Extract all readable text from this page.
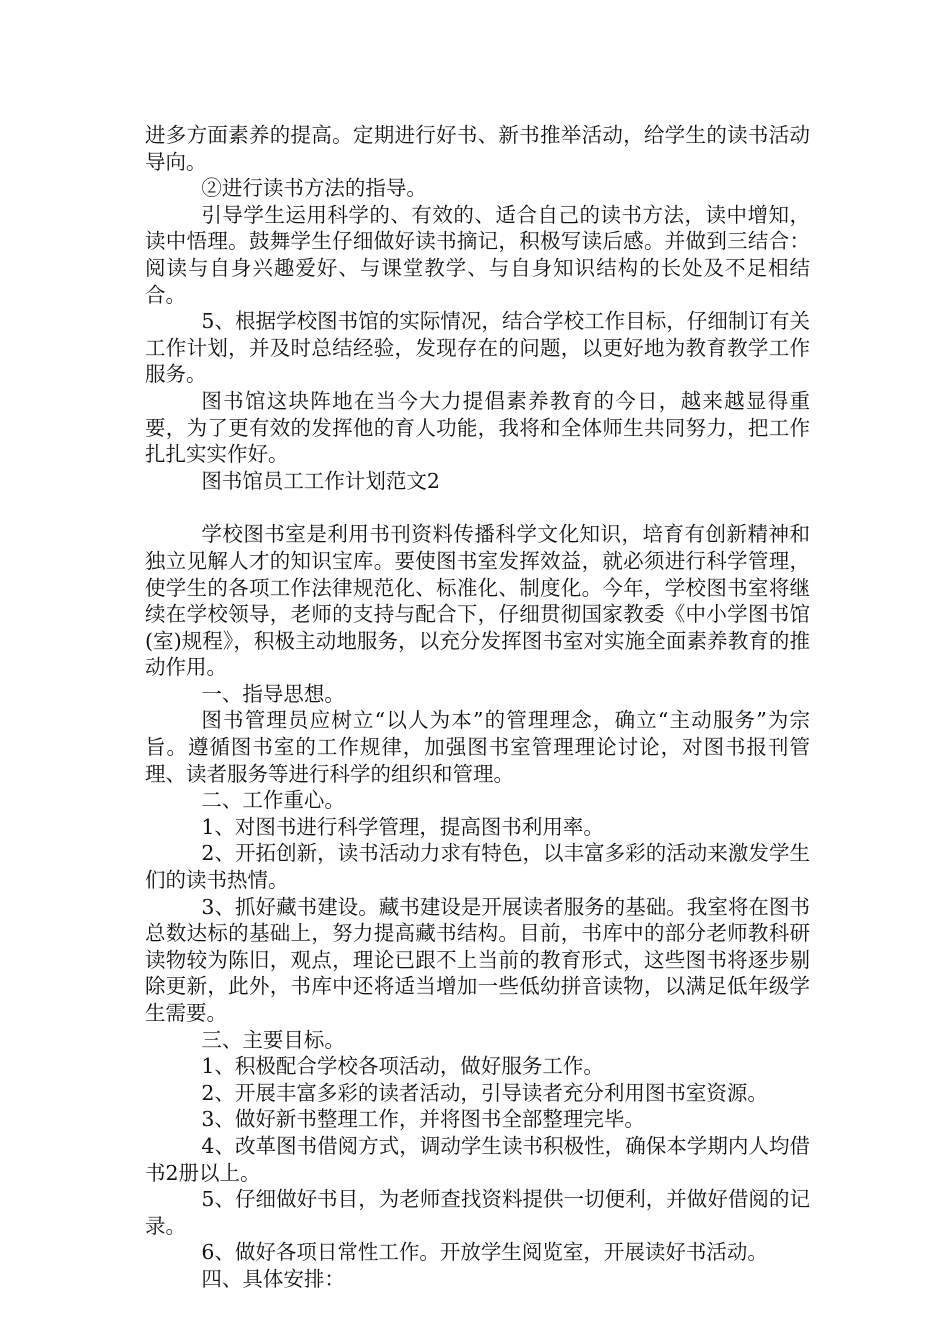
进多方面素养的提高。定期进行好书、新书推举活动，给学生的读书活动导向。

②进行读书方法的指导。

引导学生运用科学的、有效的、适合自己的读书方法，读中增知，读中悟理。鼓舞学生仔细做好读书摘记，积极写读后感。并做到三结合：阅读与自身兴趣爱好、与课堂教学、与自身知识结构的长处及不足相结合。

5、根据学校图书馆的实际情况，结合学校工作目标，仔细制订有关工作计划，并及时总结经验，发现存在的问题，以更好地为教育教学工作服务。

图书馆这块阵地在当今大力提倡素养教育的今日，越来越显得重要，为了更有效的发挥他的育人功能，我将和全体师生共同努力，把工作扎扎实实作好。

图书馆员工工作计划范文2

学校图书室是利用书刊资料传播科学文化知识，培育有创新精神和独立见解人才的知识宝库。要使图书室发挥效益，就必须进行科学管理，使学生的各项工作法律规范化、标准化、制度化。今年，学校图书室将继续在学校领导，老师的支持与配合下，仔细贯彻国家教委《中小学图书馆(室)规程》，积极主动地服务，以充分发挥图书室对实施全面素养教育的推动作用。

一、指导思想。

图书管理员应树立“以人为本”的管理理念，确立“主动服务”为宗旨。遵循图书室的工作规律，加强图书室管理理论讨论，对图书报刊管理、读者服务等进行科学的组织和管理。

二、工作重心。

1、对图书进行科学管理，提高图书利用率。

2、开拓创新，读书活动力求有特色，以丰富多彩的活动来激发学生们的读书热情。

3、抓好藏书建设。藏书建设是开展读者服务的基础。我室将在图书总数达标的基础上，努力提高藏书结构。目前，书库中的部分老师教科研读物较为陈旧，观点，理论已跟不上当前的教育形式，这些图书将逐步剔除更新，此外，书库中还将适当增加一些低幼拼音读物，以满足低年级学生需要。

三、主要目标。

1、积极配合学校各项活动，做好服务工作。

2、开展丰富多彩的读者活动，引导读者充分利用图书室资源。

3、做好新书整理工作，并将图书全部整理完毕。

4、改革图书借阅方式，调动学生读书积极性，确保本学期内人均借书2册以上。

5、仔细做好书目，为老师查找资料提供一切便利，并做好借阅的记录。

6、做好各项日常性工作。开放学生阅览室，开展读好书活动。

四、具体安排：
